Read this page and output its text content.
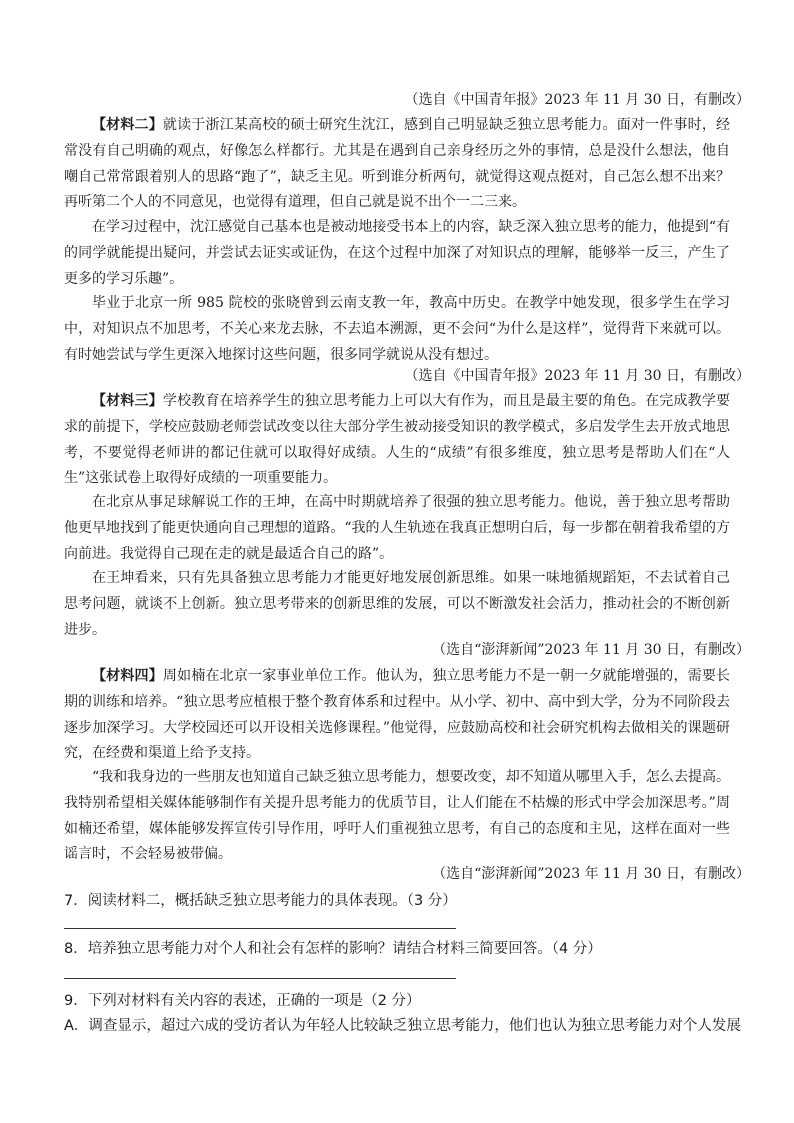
（选自《中国青年报》2023 年 11 月 30 日，有删改）

【材料二】就读于浙江某高校的硕士研究生沈江，感到自己明显缺乏独立思考能力。面对一件事时，经常没有自己明确的观点，好像怎么样都行。尤其是在遇到自己亲身经历之外的事情，总是没什么想法，他自嘲自己常常跟着别人的思路“跑了”，缺乏主见。听到谁分析两句，就觉得这观点挺对，自己怎么想不出来？再听第二个人的不同意见，也觉得有道理，但自己就是说不出个一二三来。

在学习过程中，沈江感觉自己基本也是被动地接受书本上的内容，缺乏深入独立思考的能力，他提到“有的同学就能提出疑问，并尝试去证实或证伪，在这个过程中加深了对知识点的理解，能够举一反三，产生了更多的学习乐趣”。

毕业于北京一所 985 院校的张晓曾到云南支教一年，教高中历史。在教学中她发现，很多学生在学习中，对知识点不加思考，不关心来龙去脉，不去追本溯源，更不会问“为什么是这样”，觉得背下来就可以。有时她尝试与学生更深入地探讨这些问题，很多同学就说从没有想过。

（选自《中国青年报》2023 年 11 月 30 日，有删改）

【材料三】学校教育在培养学生的独立思考能力上可以大有作为，而且是最主要的角色。在完成教学要求的前提下，学校应鼓励老师尝试改变以往大部分学生被动接受知识的教学模式，多启发学生去开放式地思考，不要觉得老师讲的都记住就可以取得好成绩。人生的“成绩”有很多维度，独立思考是帮助人们在“人生”这张试卷上取得好成绩的一项重要能力。

在北京从事足球解说工作的王坤，在高中时期就培养了很强的独立思考能力。他说，善于独立思考帮助他更早地找到了能更快通向自己理想的道路。“我的人生轨迹在我真正想明白后，每一步都在朝着我希望的方向前进。我觉得自己现在走的就是最适合自己的路”。

在王坤看来，只有先具备独立思考能力才能更好地发展创新思维。如果一味地循规蹈矩，不去试着自己思考问题，就谈不上创新。独立思考带来的创新思维的发展，可以不断激发社会活力，推动社会的不断创新进步。

（选自“澎湃新闻”2023 年 11 月 30 日，有删改）

【材料四】周如楠在北京一家事业单位工作。他认为，独立思考能力不是一朝一夕就能增强的，需要长期的训练和培养。“独立思考应植根于整个教育体系和过程中。从小学、初中、高中到大学，分为不同阶段去逐步加深学习。大学校园还可以开设相关选修课程。”他觉得，应鼓励高校和社会研究机构去做相关的课题研究，在经费和渠道上给予支持。

“我和我身边的一些朋友也知道自己缺乏独立思考能力，想要改变，却不知道从哪里入手，怎么去提高。我特别希望相关媒体能够制作有关提升思考能力的优质节目，让人们能在不枯燥的形式中学会加深思考。”周如楠还希望，媒体能够发挥宣传引导作用，呼吁人们重视独立思考，有自己的态度和主见，这样在面对一些谣言时，不会轻易被带偏。

（选自“澎湃新闻”2023 年 11 月 30 日，有删改）

7．阅读材料二，概括缺乏独立思考能力的具体表现。（3 分）

8．培养独立思考能力对个人和社会有怎样的影响？请结合材料三简要回答。（4 分）

9．下列对材料有关内容的表述，正确的一项是（2 分）

A．调查显示，超过六成的受访者认为年轻人比较缺乏独立思考能力，他们也认为独立思考能力对个人发展
